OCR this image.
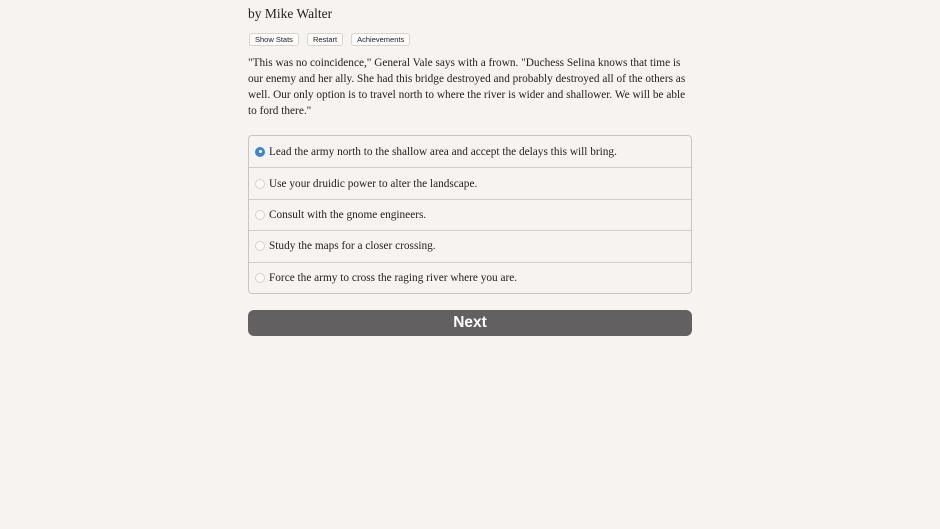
by Mike Walter
Show Stats	Restart	Achievements

"This was no coincidence," General Vale says with a frown. "Duchess Selina knows that time is our enemy and her ally. She had this bridge destroyed and probably destroyed all of the others as well. Our only option is to travel north to where the river is wider and shallower. We will be able to ford there."

Lead the army north to the shallow area and accept the delays this will bring.
Use your druidic power to alter the landscape.
Consult with the gnome engineers.
Study the maps for a closer crossing.
Force the army to cross the raging river where you are.
Next
